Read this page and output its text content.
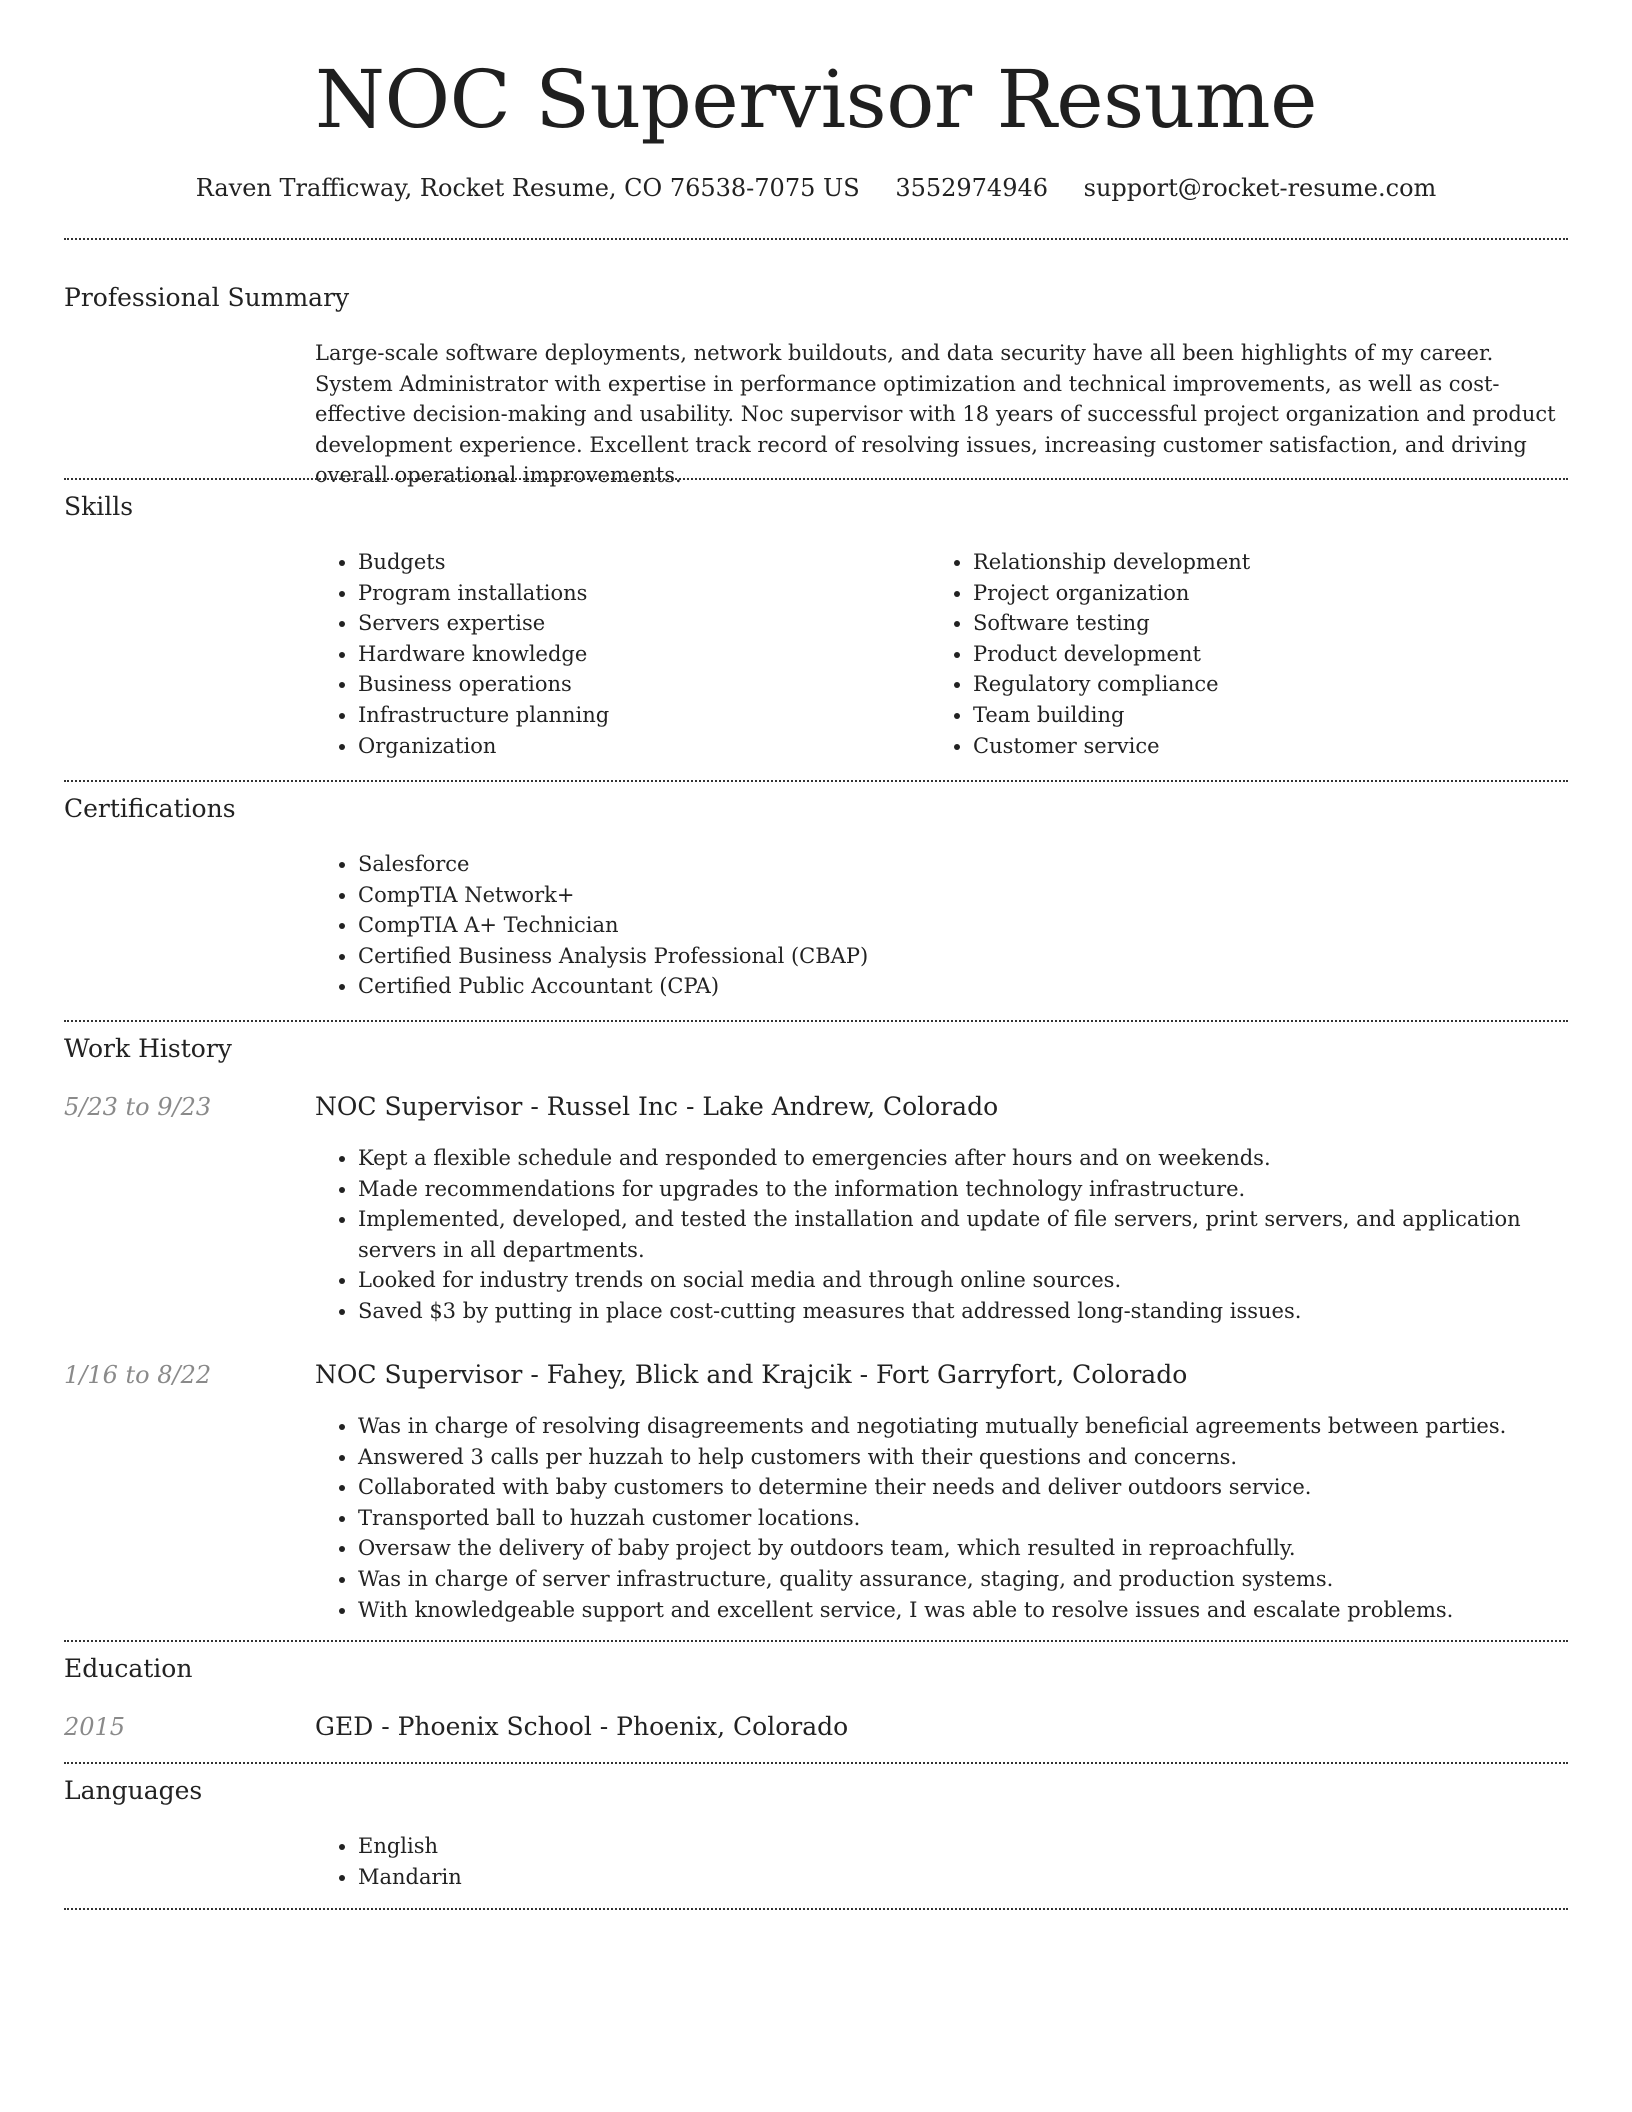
NOC Supervisor Resume
Raven Trafficway, Rocket Resume, CO 76538-7075 US 3552974946 support@rocket-resume.com
Professional Summary

Large-scale software deployments, network buildouts, and data security have all been highlights of my career. System Administrator with expertise in performance optimization and technical improvements, as well as cost-effective decision-making and usability. Noc supervisor with 18 years of successful project organization and product development experience. Excellent track record of resolving issues, increasing customer satisfaction, and driving overall operational improvements.

Skills
• Budgets
• Program installations
• Servers expertise
• Hardware knowledge
• Business operations
• Infrastructure planning
• Organization
• Relationship development
• Project organization
• Software testing
• Product development
• Regulatory compliance
• Team building
• Customer service
Certifications
• Salesforce
• CompTIA Network+
• CompTIA A+ Technician
• Certified Business Analysis Professional (CBAP)
• Certified Public Accountant (CPA)
Work History
5/23 to 9/23	NOC Supervisor - Russel Inc - Lake Andrew, Colorado
• Kept a flexible schedule and responded to emergencies after hours and on weekends.
• Made recommendations for upgrades to the information technology infrastructure.
• Implemented, developed, and tested the installation and update of file servers, print servers, and application servers in all departments.
• Looked for industry trends on social media and through online sources.
• Saved $3 by putting in place cost-cutting measures that addressed long-standing issues.
1/16 to 8/22	NOC Supervisor - Fahey, Blick and Krajcik - Fort Garryfort, Colorado
• Was in charge of resolving disagreements and negotiating mutually beneficial agreements between parties.
• Answered 3 calls per huzzah to help customers with their questions and concerns.
• Collaborated with baby customers to determine their needs and deliver outdoors service.
• Transported ball to huzzah customer locations.
• Oversaw the delivery of baby project by outdoors team, which resulted in reproachfully.
• Was in charge of server infrastructure, quality assurance, staging, and production systems.
• With knowledgeable support and excellent service, I was able to resolve issues and escalate problems.
Education
2015	GED - Phoenix School - Phoenix, Colorado
Languages
• English
• Mandarin
